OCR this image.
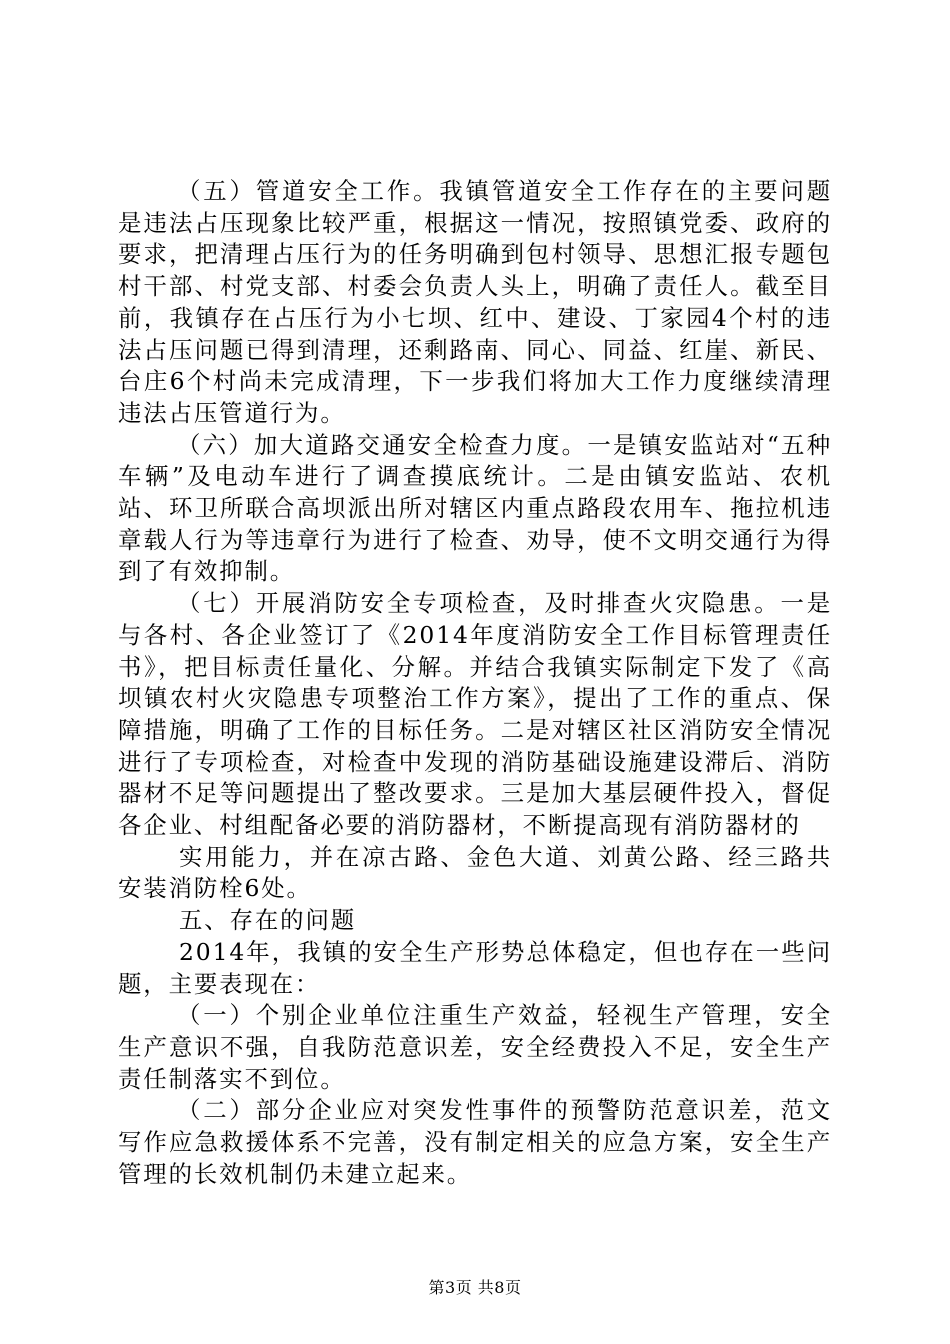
（五）管道安全工作。我镇管道安全工作存在的主要问题是违法占压现象比较严重，根据这一情况，按照镇党委、政府的要求，把清理占压行为的任务明确到包村领导、思想汇报专题包村干部、村党支部、村委会负责人头上，明确了责任人。截至目前，我镇存在占压行为小七坝、红中、建设、丁家园4个村的违法占压问题已得到清理，还剩路南、同心、同益、红崖、新民、台庄6个村尚未完成清理，下一步我们将加大工作力度继续清理违法占压管道行为。

（六）加大道路交通安全检查力度。一是镇安监站对“五种车辆”及电动车进行了调查摸底统计。二是由镇安监站、农机站、环卫所联合高坝派出所对辖区内重点路段农用车、拖拉机违章载人行为等违章行为进行了检查、劝导，使不文明交通行为得到了有效抑制。

（七）开展消防安全专项检查，及时排查火灾隐患。一是与各村、各企业签订了《2014年度消防安全工作目标管理责任书》，把目标责任量化、分解。并结合我镇实际制定下发了《高坝镇农村火灾隐患专项整治工作方案》，提出了工作的重点、保障措施，明确了工作的目标任务。二是对辖区社区消防安全情况进行了专项检查，对检查中发现的消防基础设施建设滞后、消防器材不足等问题提出了整改要求。三是加大基层硬件投入，督促各企业、村组配备必要的消防器材，不断提高现有消防器材的

实用能力，并在凉古路、金色大道、刘黄公路、经三路共安装消防栓6处。

五、存在的问题

2014年，我镇的安全生产形势总体稳定，但也存在一些问题，主要表现在：

（一）个别企业单位注重生产效益，轻视生产管理，安全生产意识不强，自我防范意识差，安全经费投入不足，安全生产责任制落实不到位。

（二）部分企业应对突发性事件的预警防范意识差，范文写作应急救援体系不完善，没有制定相关的应急方案，安全生产管理的长效机制仍未建立起来。

第3页 共8页
